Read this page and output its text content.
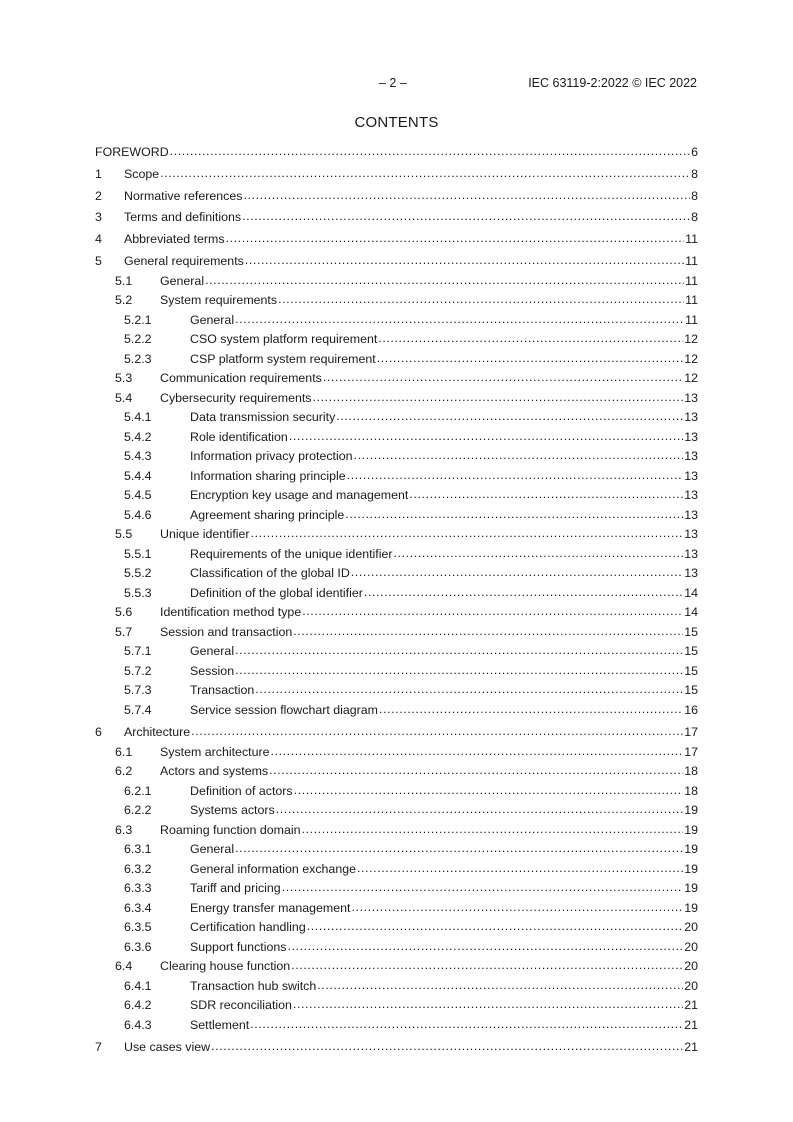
– 2 –	IEC 63119-2:2022 © IEC 2022
CONTENTS
FOREWORD .....	6
1	Scope .....	8
2	Normative references .....	8
3	Terms and definitions .....	8
4	Abbreviated terms .....	11
5	General requirements .....	11
5.1	General .....	11
5.2	System requirements .....	11
5.2.1	General .....	11
5.2.2	CSO system platform requirement .....	12
5.2.3	CSP platform system requirement .....	12
5.3	Communication requirements .....	12
5.4	Cybersecurity requirements .....	13
5.4.1	Data transmission security .....	13
5.4.2	Role identification .....	13
5.4.3	Information privacy protection .....	13
5.4.4	Information sharing principle .....	13
5.4.5	Encryption key usage and management .....	13
5.4.6	Agreement sharing principle .....	13
5.5	Unique identifier .....	13
5.5.1	Requirements of the unique identifier .....	13
5.5.2	Classification of the global ID .....	13
5.5.3	Definition of the global identifier .....	14
5.6	Identification method type .....	14
5.7	Session and transaction .....	15
5.7.1	General .....	15
5.7.2	Session .....	15
5.7.3	Transaction .....	15
5.7.4	Service session flowchart diagram .....	16
6	Architecture .....	17
6.1	System architecture .....	17
6.2	Actors and systems .....	18
6.2.1	Definition of actors .....	18
6.2.2	Systems actors .....	19
6.3	Roaming function domain .....	19
6.3.1	General .....	19
6.3.2	General information exchange .....	19
6.3.3	Tariff and pricing .....	19
6.3.4	Energy transfer management .....	19
6.3.5	Certification handling .....	20
6.3.6	Support functions .....	20
6.4	Clearing house function .....	20
6.4.1	Transaction hub switch .....	20
6.4.2	SDR reconciliation .....	21
6.4.3	Settlement .....	21
7	Use cases view .....	21
